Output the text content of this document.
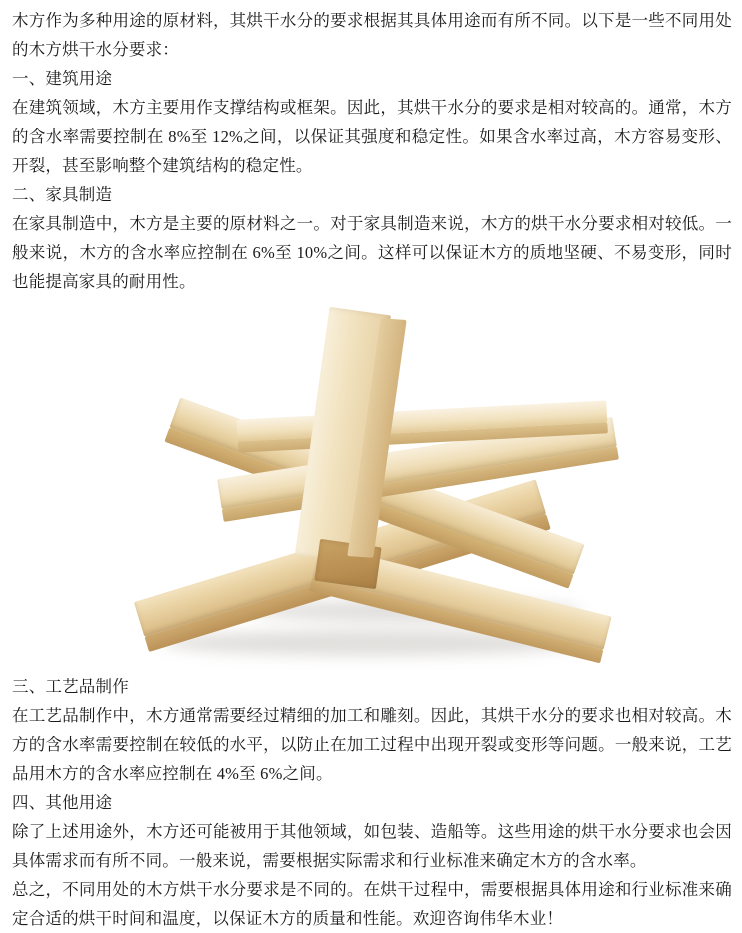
木方作为多种用途的原材料，其烘干水分的要求根据其具体用途而有所不同。以下是一些不同用处的木方烘干水分要求：

一、建筑用途

在建筑领域，木方主要用作支撑结构或框架。因此，其烘干水分的要求是相对较高的。通常，木方的含水率需要控制在 8%至 12%之间，以保证其强度和稳定性。如果含水率过高，木方容易变形、开裂，甚至影响整个建筑结构的稳定性。

二、家具制造

在家具制造中，木方是主要的原材料之一。对于家具制造来说，木方的烘干水分要求相对较低。一般来说，木方的含水率应控制在 6%至 10%之间。这样可以保证木方的质地坚硬、不易变形，同时也能提高家具的耐用性。

三、工艺品制作

在工艺品制作中，木方通常需要经过精细的加工和雕刻。因此，其烘干水分的要求也相对较高。木方的含水率需要控制在较低的水平，以防止在加工过程中出现开裂或变形等问题。一般来说，工艺品用木方的含水率应控制在 4%至 6%之间。

四、其他用途

除了上述用途外，木方还可能被用于其他领域，如包装、造船等。这些用途的烘干水分要求也会因具体需求而有所不同。一般来说，需要根据实际需求和行业标准来确定木方的含水率。

总之，不同用处的木方烘干水分要求是不同的。在烘干过程中，需要根据具体用途和行业标准来确定合适的烘干时间和温度，以保证木方的质量和性能。欢迎咨询伟华木业！
